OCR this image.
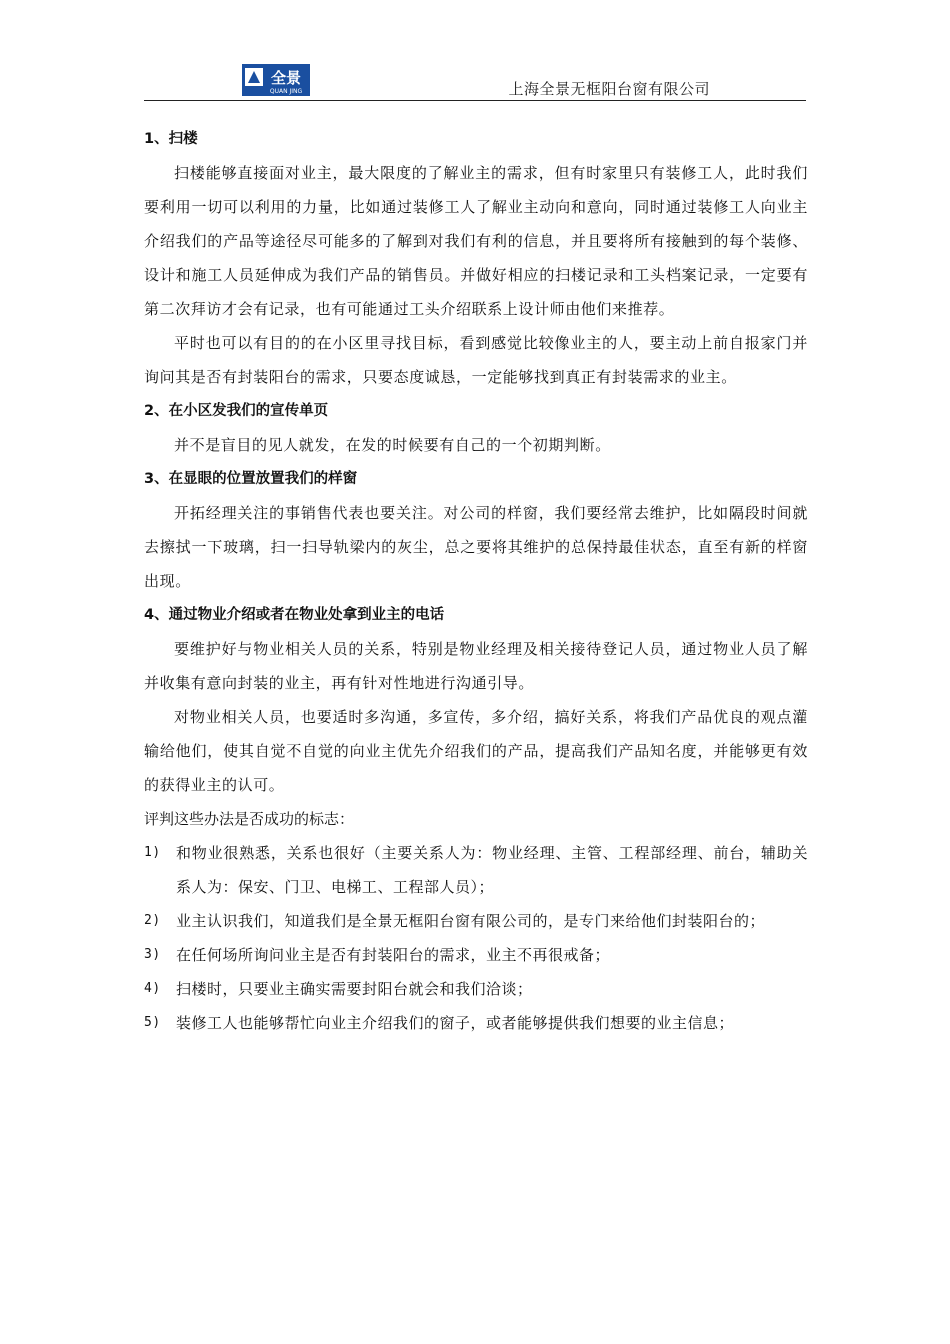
全景
QUAN JING	上海全景无框阳台窗有限公司
1、扫楼
扫楼能够直接面对业主，最大限度的了解业主的需求，但有时家里只有装修工人，此时我们要利用一切可以利用的力量，比如通过装修工人了解业主动向和意向，同时通过装修工人向业主介绍我们的产品等途径尽可能多的了解到对我们有利的信息，并且要将所有接触到的每个装修、设计和施工人员延伸成为我们产品的销售员。并做好相应的扫楼记录和工头档案记录，一定要有第二次拜访才会有记录，也有可能通过工头介绍联系上设计师由他们来推荐。
平时也可以有目的的在小区里寻找目标，看到感觉比较像业主的人，要主动上前自报家门并询问其是否有封装阳台的需求，只要态度诚恳，一定能够找到真正有封装需求的业主。
2、在小区发我们的宣传单页
并不是盲目的见人就发，在发的时候要有自己的一个初期判断。
3、在显眼的位置放置我们的样窗
开拓经理关注的事销售代表也要关注。对公司的样窗，我们要经常去维护，比如隔段时间就去擦拭一下玻璃，扫一扫导轨梁内的灰尘，总之要将其维护的总保持最佳状态，直至有新的样窗出现。
4、通过物业介绍或者在物业处拿到业主的电话
要维护好与物业相关人员的关系，特别是物业经理及相关接待登记人员，通过物业人员了解并收集有意向封装的业主，再有针对性地进行沟通引导。
对物业相关人员，也要适时多沟通，多宣传，多介绍，搞好关系，将我们产品优良的观点灌输给他们，使其自觉不自觉的向业主优先介绍我们的产品，提高我们产品知名度，并能够更有效的获得业主的认可。
评判这些办法是否成功的标志：
1)	和物业很熟悉，关系也很好（主要关系人为：物业经理、主管、工程部经理、前台，辅助关系人为：保安、门卫、电梯工、工程部人员）；
2)	业主认识我们，知道我们是全景无框阳台窗有限公司的，是专门来给他们封装阳台的；
3)	在任何场所询问业主是否有封装阳台的需求，业主不再很戒备；
4)	扫楼时，只要业主确实需要封阳台就会和我们洽谈；
5)	装修工人也能够帮忙向业主介绍我们的窗子，或者能够提供我们想要的业主信息；
